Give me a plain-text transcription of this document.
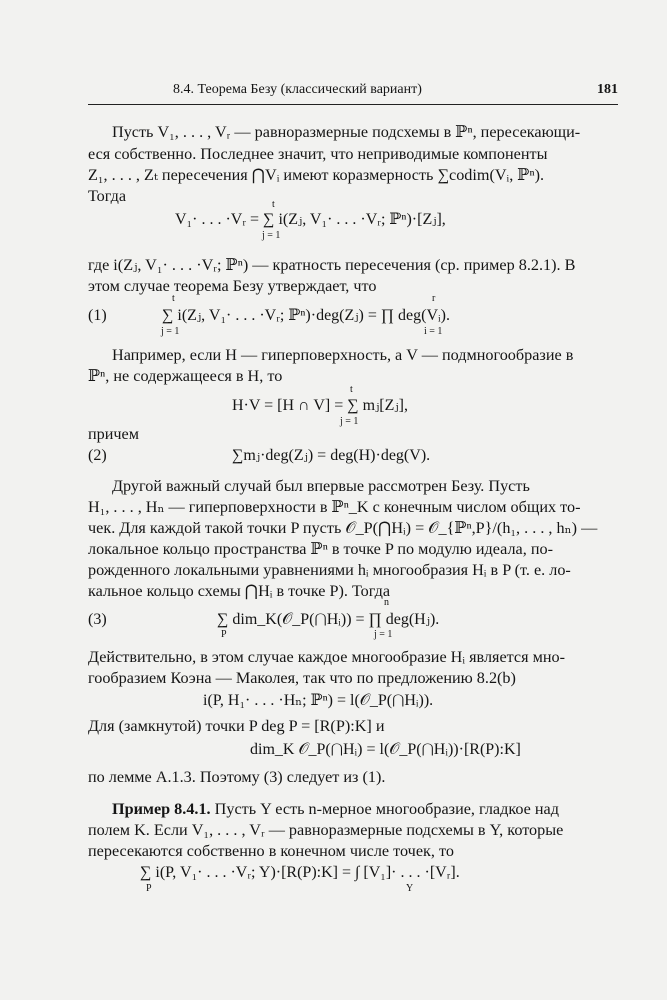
8.4. Теорема Безу (классический вариант)	181
Пусть V₁, . . . , Vᵣ — равноразмерные подсхемы в ℙⁿ, пересекающи-
еся собственно. Последнее значит, что неприводимые компоненты
Z₁, . . . , Zₜ пересечения ⋂Vᵢ имеют коразмерность ∑codim(Vᵢ, ℙⁿ).
Тогда	t
V₁· . . . ·Vᵣ = ∑ i(Zⱼ, V₁· . . . ·Vᵣ; ℙⁿ)·[Zⱼ],
j = 1
где i(Zⱼ, V₁· . . . ·Vᵣ; ℙⁿ) — кратность пересечения (ср. пример 8.2.1). В
этом случае теорема Безу утверждает, что
t	r
(1)	∑ i(Zⱼ, V₁· . . . ·Vᵣ; ℙⁿ)·deg(Zⱼ) = ∏ deg(Vᵢ).
j = 1	i = 1
Например, если H — гиперповерхность, а V — подмногообразие в
ℙⁿ, не содержащееся в H, то
t
H·V = [H ∩ V] = ∑ mⱼ[Zⱼ],
j = 1
причем
(2)	∑mⱼ·deg(Zⱼ) = deg(H)·deg(V).
Другой важный случай был впервые рассмотрен Безу. Пусть
H₁, . . . , Hₙ — гиперповерхности в ℙⁿ_K с конечным числом общих то-
чек. Для каждой такой точки P пусть 𝒪_P(⋂Hᵢ) = 𝒪_{ℙⁿ,P}/(h₁, . . . , hₙ) —
локальное кольцо пространства ℙⁿ в точке P по модулю идеала, по-
рожденного локальными уравнениями hᵢ многообразия Hᵢ в P (т. е. ло-
кальное кольцо схемы ⋂Hᵢ в точке P). Тогда
n
(3)	∑ dim_K(𝒪_P(⋂Hᵢ)) = ∏ deg(Hⱼ).
P	j = 1
Действительно, в этом случае каждое многообразие Hᵢ является мно-
гообразием Коэна — Маколея, так что по предложению 8.2(b)
i(P, H₁· . . . ·Hₙ; ℙⁿ) = l(𝒪_P(⋂Hᵢ)).
Для (замкнутой) точки P deg P = [R(P):K] и
dim_K 𝒪_P(⋂Hᵢ) = l(𝒪_P(⋂Hᵢ))·[R(P):K]
по лемме A.1.3. Поэтому (3) следует из (1).
Пример 8.4.1. Пусть Y есть n-мерное многообразие, гладкое над
полем K. Если V₁, . . . , Vᵣ — равноразмерные подсхемы в Y, которые
пересекаются собственно в конечном числе точек, то
∑ i(P, V₁· . . . ·Vᵣ; Y)·[R(P):K] = ∫ [V₁]· . . . ·[Vᵣ].
P	Y
